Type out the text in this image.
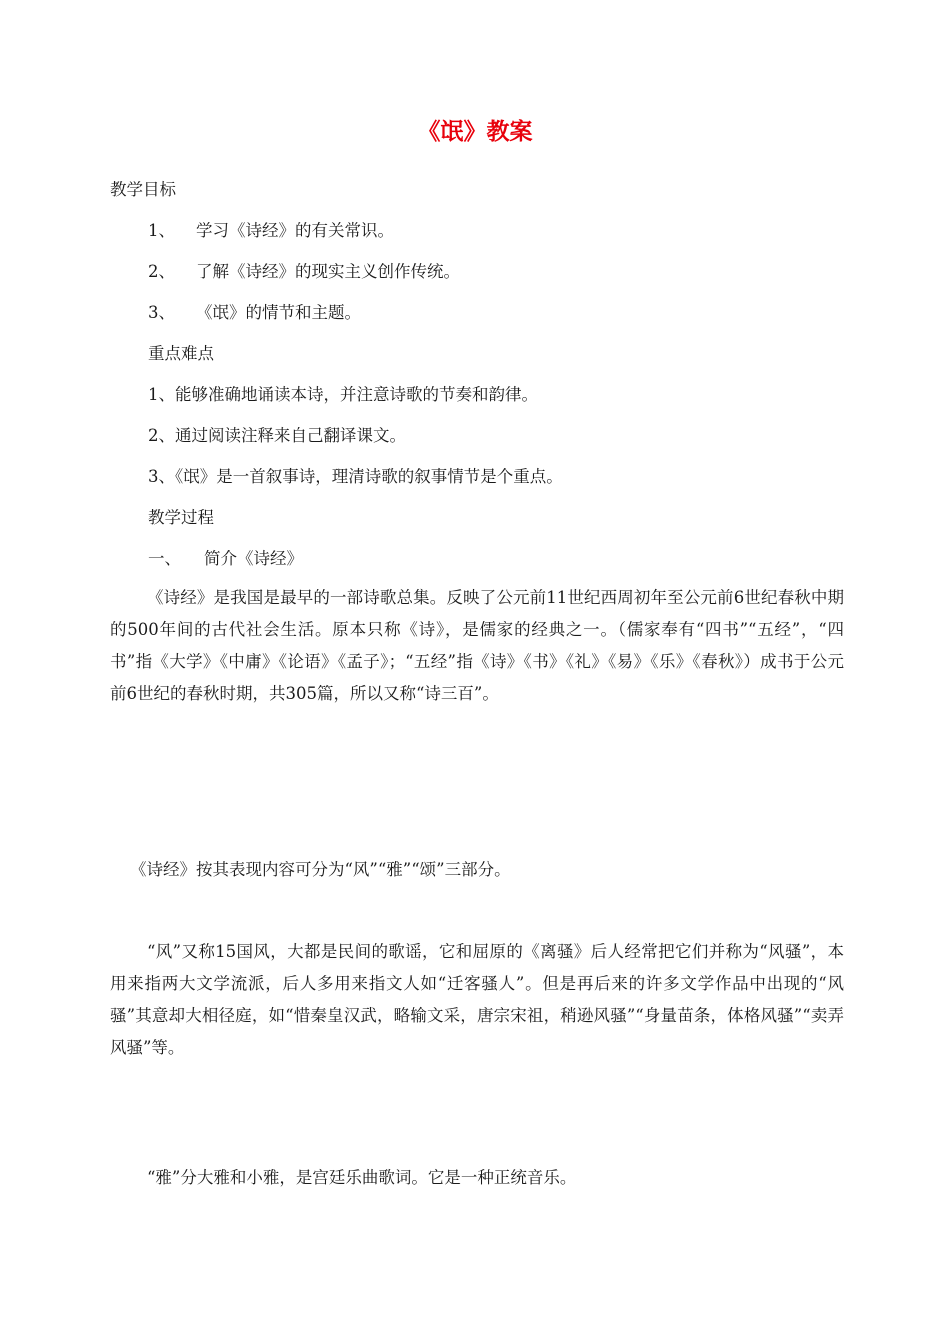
《氓》教案
教学目标
1、 学习《诗经》的有关常识。
2、 了解《诗经》的现实主义创作传统。
3、 《氓》的情节和主题。
重点难点
1、能够准确地诵读本诗，并注意诗歌的节奏和韵律。
2、通过阅读注释来自己翻译课文。
3、《氓》是一首叙事诗，理清诗歌的叙事情节是个重点。
教学过程
一、 简介《诗经》
《诗经》是我国是最早的一部诗歌总集。反映了公元前11世纪西周初年至公元前6世纪春秋中期的500年间的古代社会生活。原本只称《诗》，是儒家的经典之一。（儒家奉有“四书”“五经”，“四书”指《大学》《中庸》《论语》《孟子》；“五经”指《诗》《书》《礼》《易》《乐》《春秋》）成书于公元前6世纪的春秋时期，共305篇，所以又称“诗三百”。
《诗经》按其表现内容可分为“风”“雅”“颂”三部分。
“风”又称15国风，大都是民间的歌谣，它和屈原的《离骚》后人经常把它们并称为“风骚”，本用来指两大文学流派，后人多用来指文人如“迁客骚人”。但是再后来的许多文学作品中出现的“风骚”其意却大相径庭，如“惜秦皇汉武，略输文采，唐宗宋祖，稍逊风骚”“身量苗条，体格风骚”“卖弄风骚”等。
“雅”分大雅和小雅，是宫廷乐曲歌词。它是一种正统音乐。
